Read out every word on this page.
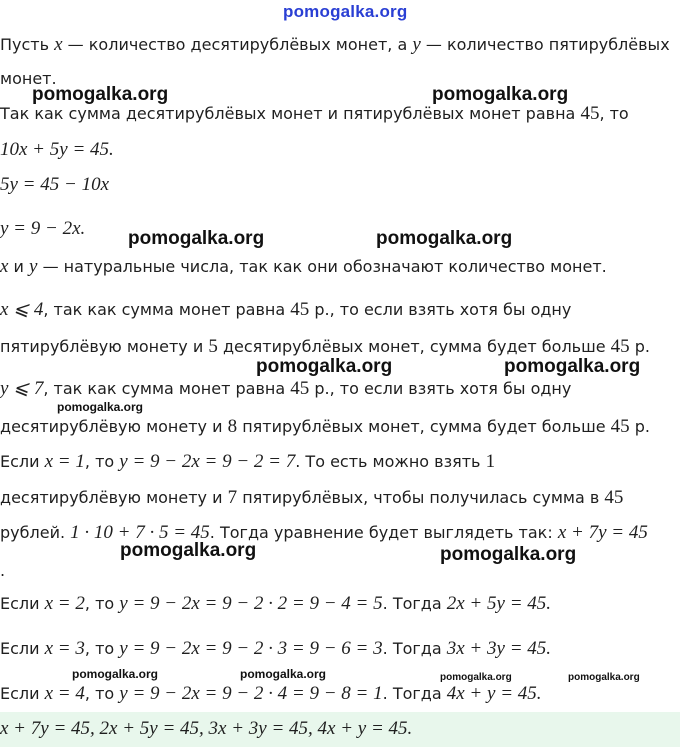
pomogalka.org
Пусть x — количество десятирублёвых монет, а y — количество пятирублёвых
монет.
Так как сумма десятирублёвых монет и пятирублёвых монет равна 45, то
10x + 5y = 45.
5y = 45 − 10x
y = 9 − 2x.
x и y — натуральные числа, так как они обозначают количество монет.
x ⩽ 4, так как сумма монет равна 45 р., то если взять хотя бы одну
пятирублёвую монету и 5 десятирублёвых монет, сумма будет больше 45 р.
y ⩽ 7, так как сумма монет равна 45 р., то если взять хотя бы одну
десятирублёвую монету и 8 пятирублёвых монет, сумма будет больше 45 р.
Если x = 1, то y = 9 − 2x = 9 − 2 = 7. То есть можно взять 1
десятирублёвую монету и 7 пятирублёвых, чтобы получилась сумма в 45
рублей. 1 · 10 + 7 · 5 = 45. Тогда уравнение будет выглядеть так: x + 7y = 45
.
Если x = 2, то y = 9 − 2x = 9 − 2 · 2 = 9 − 4 = 5. Тогда 2x + 5y = 45.
Если x = 3, то y = 9 − 2x = 9 − 2 · 3 = 9 − 6 = 3. Тогда 3x + 3y = 45.
Если x = 4, то y = 9 − 2x = 9 − 2 · 4 = 9 − 8 = 1. Тогда 4x + y = 45.
x + 7y = 45, 2x + 5y = 45, 3x + 3y = 45, 4x + y = 45.
pomogalka.org	pomogalka.org
pomogalka.org	pomogalka.org
pomogalka.org	pomogalka.org
pomogalka.org
pomogalka.org	pomogalka.org
pomogalka.org	pomogalka.org	pomogalka.org	pomogalka.org
